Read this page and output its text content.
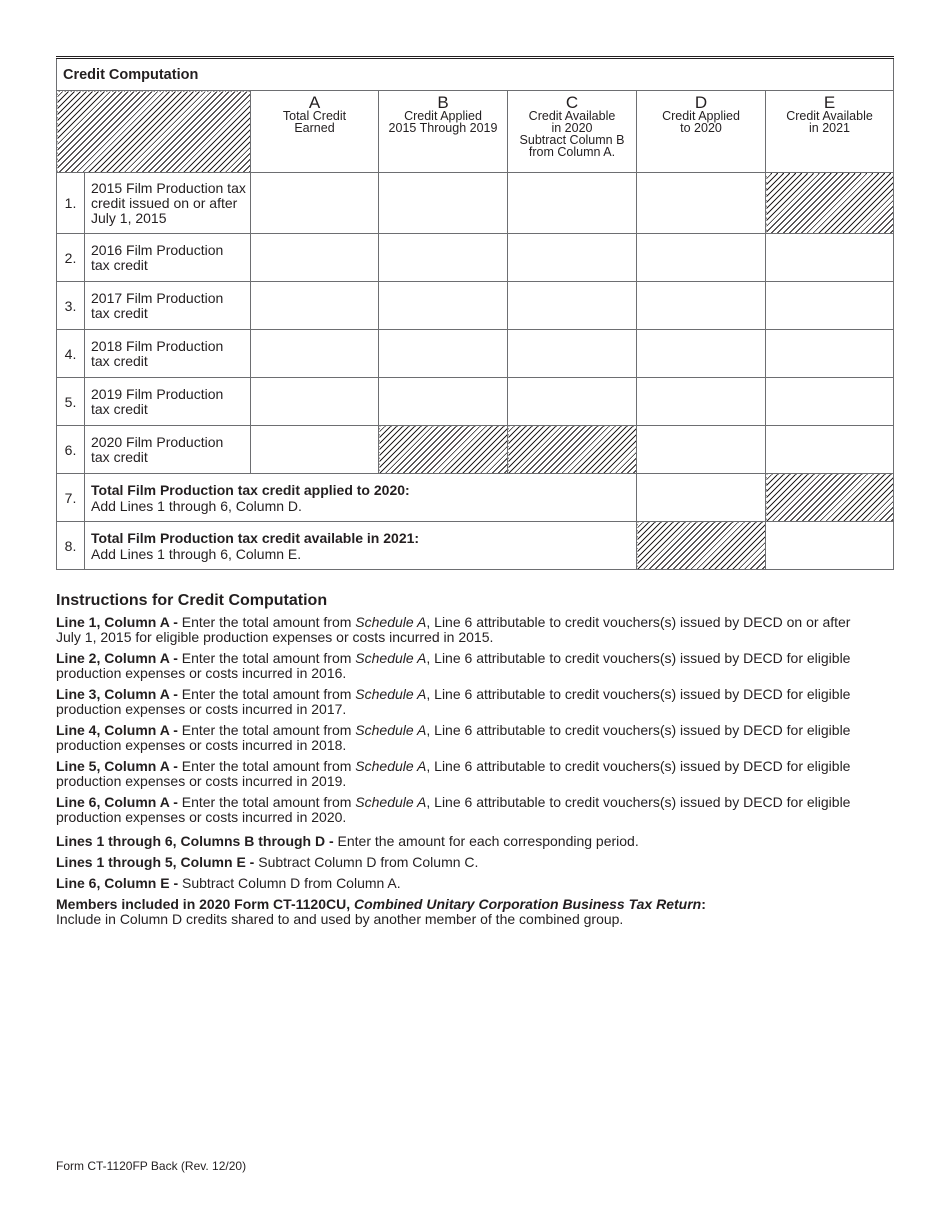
Credit Computation						

		A
Total Credit
Earned	B
Credit Applied
2015 Through 2019	C
Credit Available
in 2020
Subtract Column B
from Column A.	D
Credit Applied
to 2020	E
Credit Available
in 2021

1.	2015 Film Production tax
credit issued on or after
July 1, 2015					
2.	2016 Film Production
tax credit					
3.	2017 Film Production
tax credit					
4.	2018 Film Production
tax credit					
5.	2019 Film Production
tax credit					
6.	2020 Film Production
tax credit					
7.	Total Film Production tax credit applied to 2020:
Add Lines 1 through 6, Column D.					
8.	Total Film Production tax credit available in 2021:
Add Lines 1 through 6, Column E.					
Instructions for Credit Computation

Line 1, Column A - Enter the total amount from Schedule A, Line 6 attributable to credit vouchers(s) issued by DECD on or after July 1, 2015 for eligible production expenses or costs incurred in 2015.

Line 2, Column A - Enter the total amount from Schedule A, Line 6 attributable to credit vouchers(s) issued by DECD for eligible production expenses or costs incurred in 2016.

Line 3, Column A - Enter the total amount from Schedule A, Line 6 attributable to credit vouchers(s) issued by DECD for eligible production expenses or costs incurred in 2017.

Line 4, Column A - Enter the total amount from Schedule A, Line 6 attributable to credit vouchers(s) issued by DECD for eligible production expenses or costs incurred in 2018.

Line 5, Column A - Enter the total amount from Schedule A, Line 6 attributable to credit vouchers(s) issued by DECD for eligible production expenses or costs incurred in 2019.

Line 6, Column A - Enter the total amount from Schedule A, Line 6 attributable to credit vouchers(s) issued by DECD for eligible production expenses or costs incurred in 2020.

Lines 1 through 6, Columns B through D - Enter the amount for each corresponding period.

Lines 1 through 5, Column E - Subtract Column D from Column C.

Line 6, Column E - Subtract Column D from Column A.

Members included in 2020 Form CT-1120CU, Combined Unitary Corporation Business Tax Return:
Include in Column D credits shared to and used by another member of the combined group.

Form CT-1120FP Back (Rev. 12/20)
